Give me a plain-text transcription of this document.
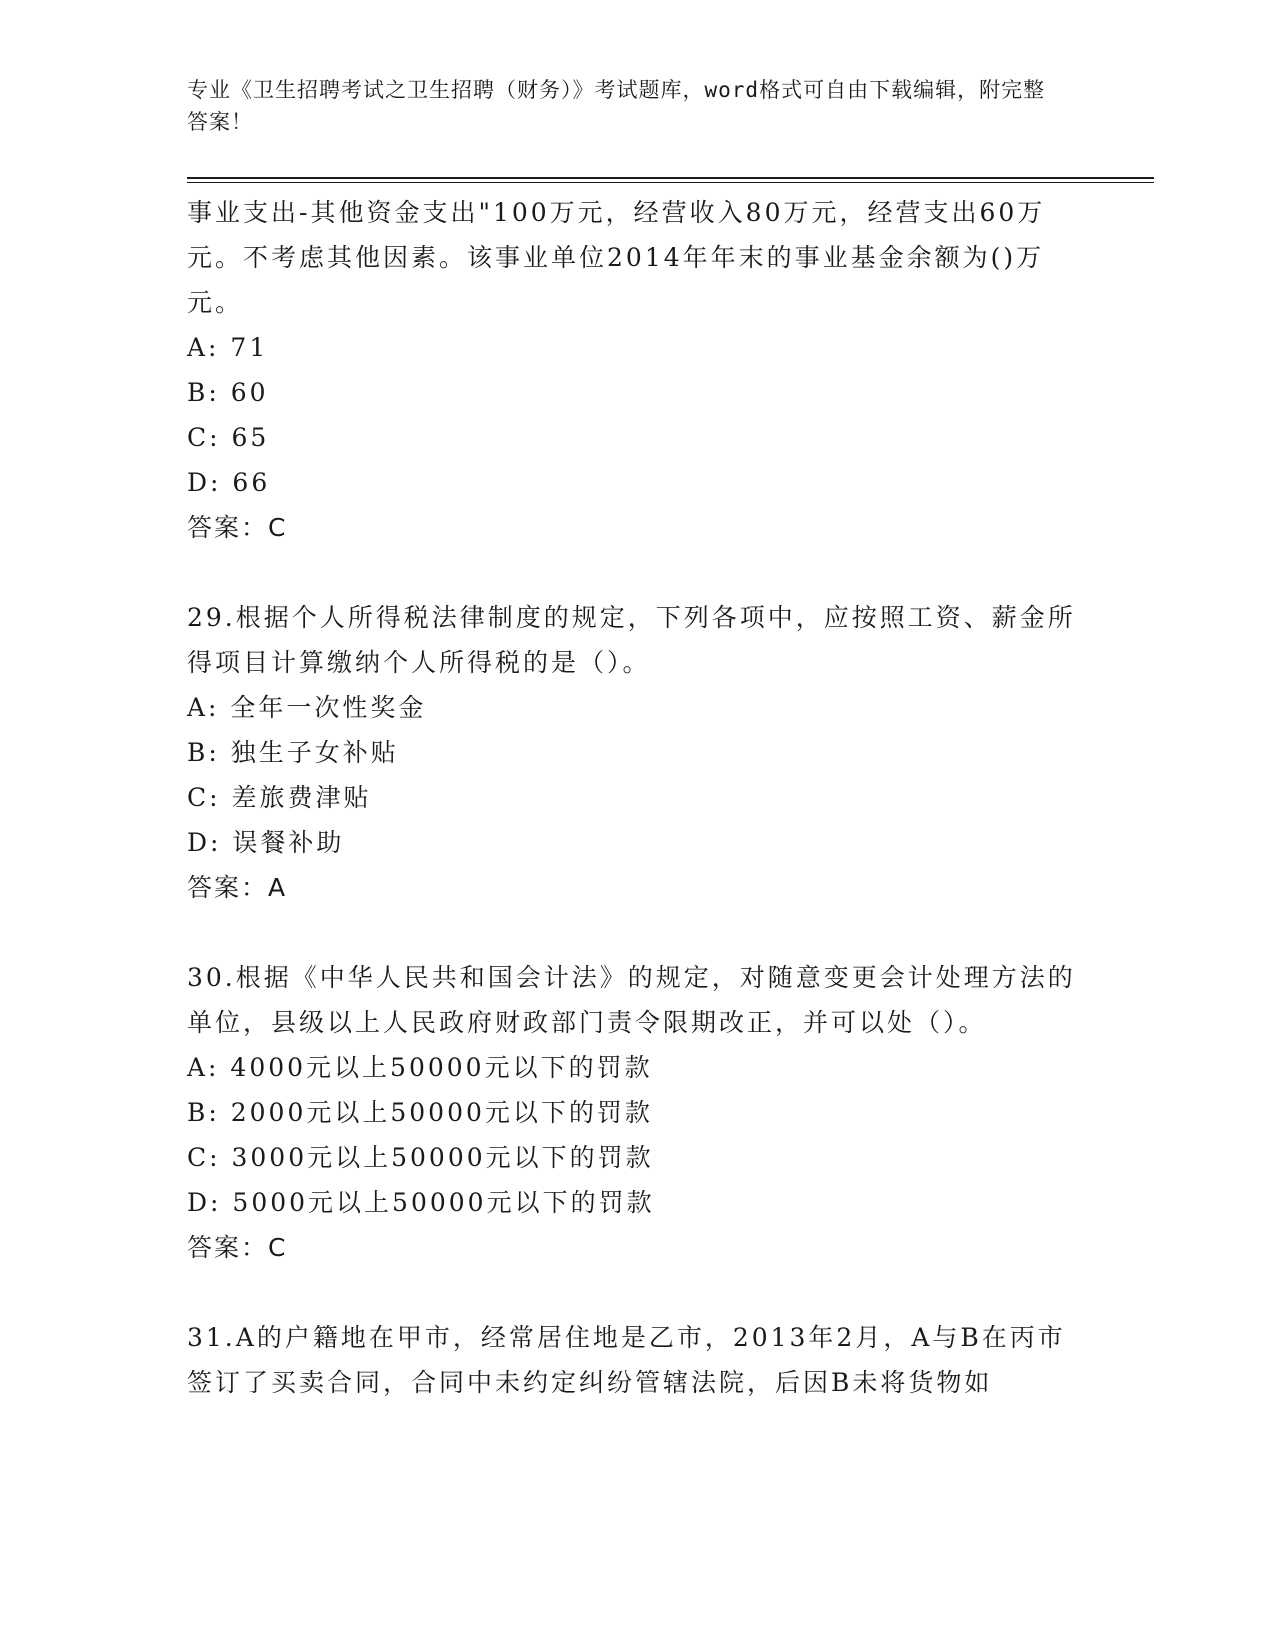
专业《卫生招聘考试之卫生招聘（财务）》考试题库，word格式可自由下载编辑，附完整答案！

事业支出-其他资金支出"100万元，经营收入80万元，经营支出60万元。不考虑其他因素。该事业单位2014年年末的事业基金余额为()万元。

A: 71

B: 60

C: 65

D: 66

答案：C

29.根据个人所得税法律制度的规定，下列各项中，应按照工资、薪金所得项目计算缴纳个人所得税的是（）。

A: 全年一次性奖金

B: 独生子女补贴

C: 差旅费津贴

D: 误餐补助

答案：A

30.根据《中华人民共和国会计法》的规定，对随意变更会计处理方法的单位，县级以上人民政府财政部门责令限期改正，并可以处（）。

A: 4000元以上50000元以下的罚款

B: 2000元以上50000元以下的罚款

C: 3000元以上50000元以下的罚款

D: 5000元以上50000元以下的罚款

答案：C

31.A的户籍地在甲市，经常居住地是乙市，2013年2月，A与B在丙市签订了买卖合同，合同中未约定纠纷管辖法院，后因B未将货物如
